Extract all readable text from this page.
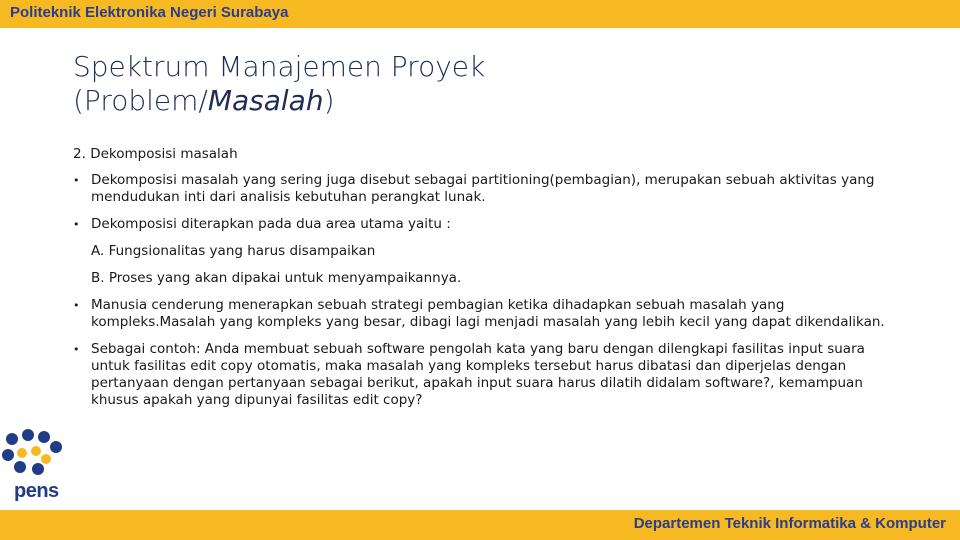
Politeknik Elektronika Negeri Surabaya
Spektrum Manajemen Proyek
(Problem/Masalah)
2. Dekomposisi masalah
• Dekomposisi masalah yang sering juga disebut sebagai partitioning(pembagian), merupakan sebuah aktivitas yang mendudukan inti dari analisis kebutuhan perangkat lunak.
• Dekomposisi diterapkan pada dua area utama yaitu :
A. Fungsionalitas yang harus disampaikan
B. Proses yang akan dipakai untuk menyampaikannya.
• Manusia cenderung menerapkan sebuah strategi pembagian ketika dihadapkan sebuah masalah yang kompleks.Masalah yang kompleks yang besar, dibagi lagi menjadi masalah yang lebih kecil yang dapat dikendalikan.
• Sebagai contoh: Anda membuat sebuah software pengolah kata yang baru dengan dilengkapi fasilitas input suara untuk fasilitas edit copy otomatis, maka masalah yang kompleks tersebut harus dibatasi dan diperjelas dengan pertanyaan dengan pertanyaan sebagai berikut, apakah input suara harus dilatih didalam software?, kemampuan khusus apakah yang dipunyai fasilitas edit copy?
pens
Departemen Teknik Informatika & Komputer
